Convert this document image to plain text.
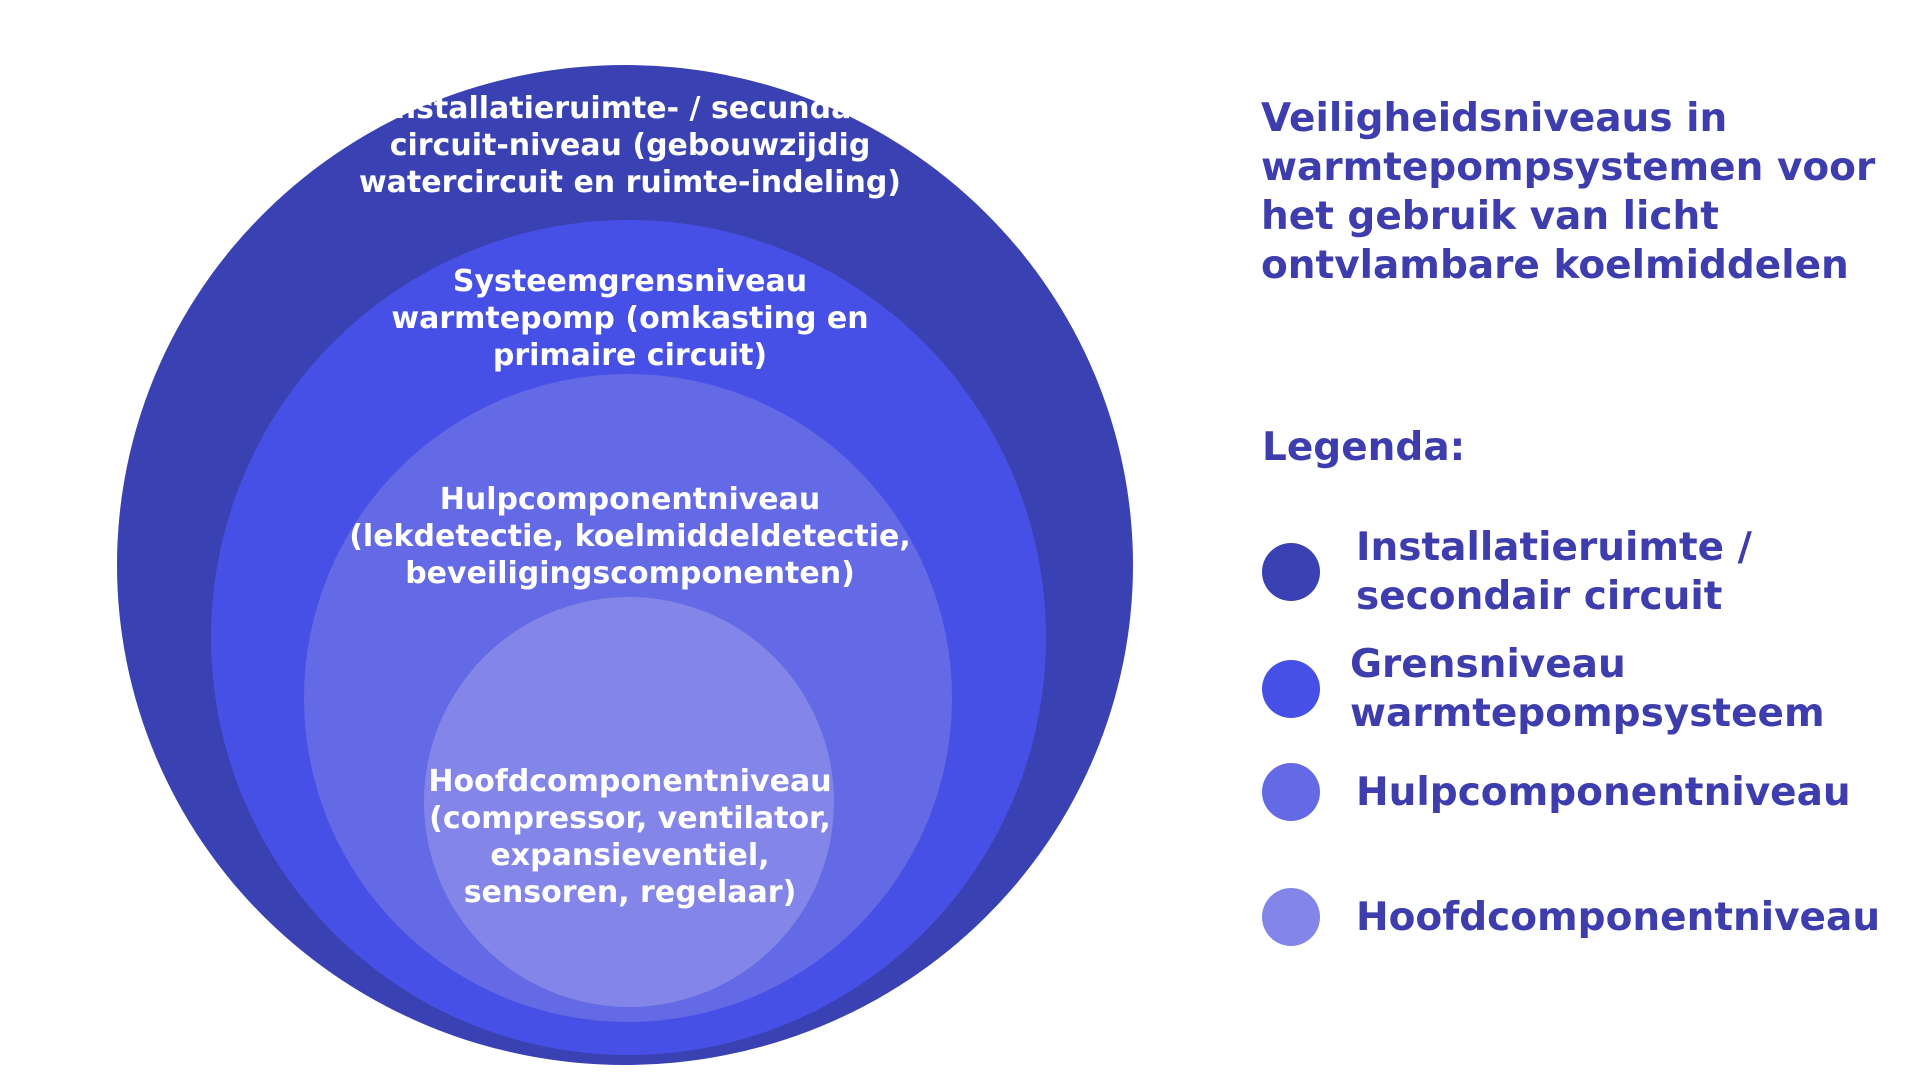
Installatieruimte- / secundair
circuit-niveau (gebouwzijdig
watercircuit en ruimte-indeling)
Systeemgrensniveau
warmtepomp (omkasting en
primaire circuit)
Hulpcomponentniveau
(lekdetectie, koelmiddeldetectie,
beveiligingscomponenten)
Hoofdcomponentniveau
(compressor, ventilator,
expansieventiel,
sensoren, regelaar)
Veiligheidsniveaus in
warmtepompsystemen voor
het gebruik van licht
ontvlambare koelmiddelen
Legenda:
Installatieruimte /
secondair circuit
Grensniveau
warmtepompsysteem
Hulpcomponentniveau
Hoofdcomponentniveau
